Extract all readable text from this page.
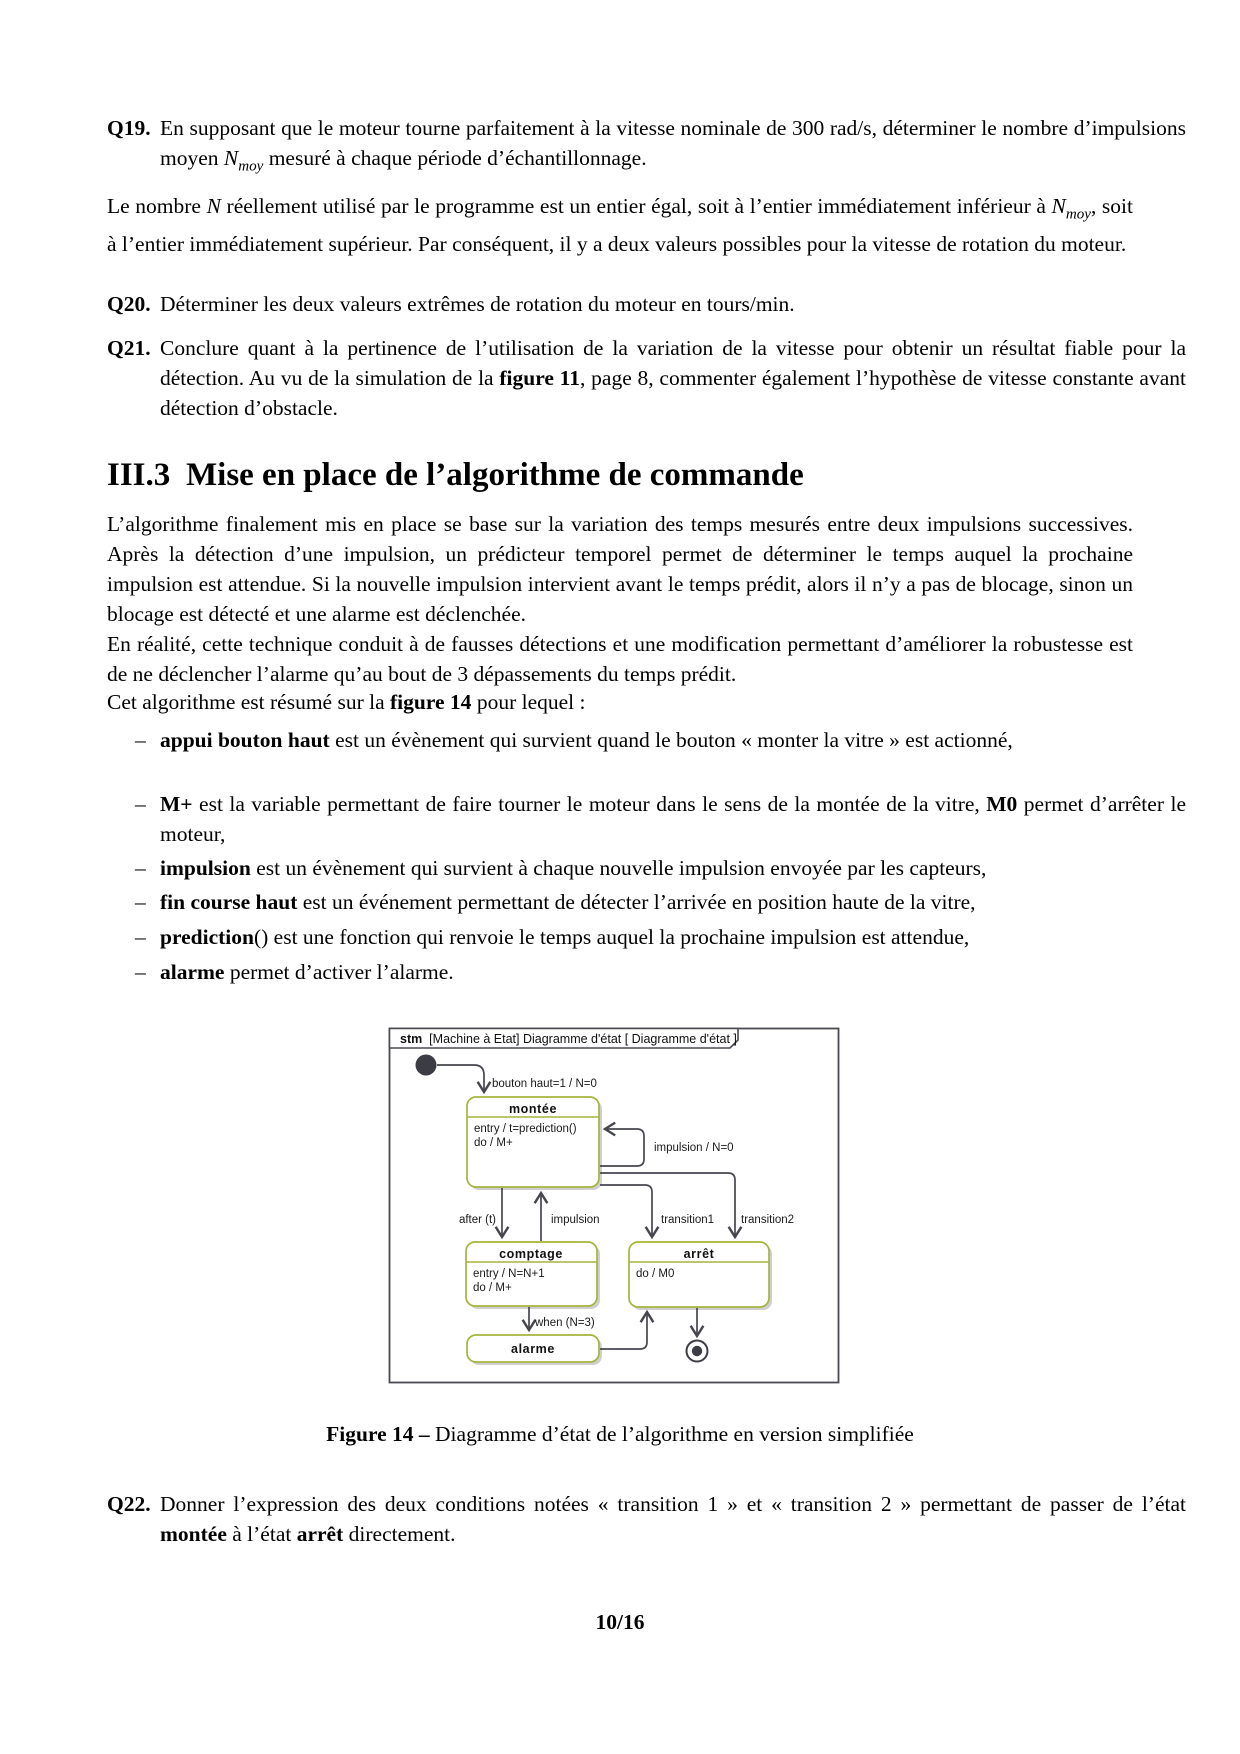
Q19. En supposant que le moteur tourne parfaitement à la vitesse nominale de 300 rad/s, déterminer le nombre d’impulsions moyen $N_{moy}$ mesuré à chaque période d’échantillonnage.
Le nombre N réellement utilisé par le programme est un entier égal, soit à l’entier immédiatement inférieur à $N_{moy}$, soit à l’entier immédiatement supérieur. Par conséquent, il y a deux valeurs possibles pour la vitesse de rotation du moteur.
Q20. Déterminer les deux valeurs extrêmes de rotation du moteur en tours/min.
Q21. Conclure quant à la pertinence de l’utilisation de la variation de la vitesse pour obtenir un résultat fiable pour la détection. Au vu de la simulation de la figure 11, page 8, commenter également l’hypothèse de vitesse constante avant détection d’obstacle.
III.3 Mise en place de l’algorithme de commande
L’algorithme finalement mis en place se base sur la variation des temps mesurés entre deux impulsions successives. Après la détection d’une impulsion, un prédicteur temporel permet de déterminer le temps auquel la prochaine impulsion est attendue. Si la nouvelle impulsion intervient avant le temps prédit, alors il n’y a pas de blocage, sinon un blocage est détecté et une alarme est déclenchée.
En réalité, cette technique conduit à de fausses détections et une modification permettant d’améliorer la robustesse est de ne déclencher l’alarme qu’au bout de 3 dépassements du temps prédit.
Cet algorithme est résumé sur la figure 14 pour lequel :
– appui bouton haut est un évènement qui survient quand le bouton « monter la vitre » est actionné,
– M+ est la variable permettant de faire tourner le moteur dans le sens de la montée de la vitre, M0 permet d’arrêter le moteur,
– impulsion est un évènement qui survient à chaque nouvelle impulsion envoyée par les capteurs,
– fin course haut est un événement permettant de détecter l’arrivée en position haute de la vitre,
– prediction() est une fonction qui renvoie le temps auquel la prochaine impulsion est attendue,
– alarme permet d’activer l’alarme.
stm  [Machine à Etat] Diagramme d'état [ Diagramme d'état ]
bouton haut=1 / N=0
montée
entry / t=prediction()
do / M+	impulsion / N=0
transition2
transition1
after (t)	impulsion
comptage
entry / N=N+1
do / M+
arrêt
do / M0
when (N=3)
alarme
Figure 14 – Diagramme d’état de l’algorithme en version simplifiée
Q22. Donner l’expression des deux conditions notées « transition 1 » et « transition 2 » permettant de passer de l’état montée à l’état arrêt directement.
10/16
